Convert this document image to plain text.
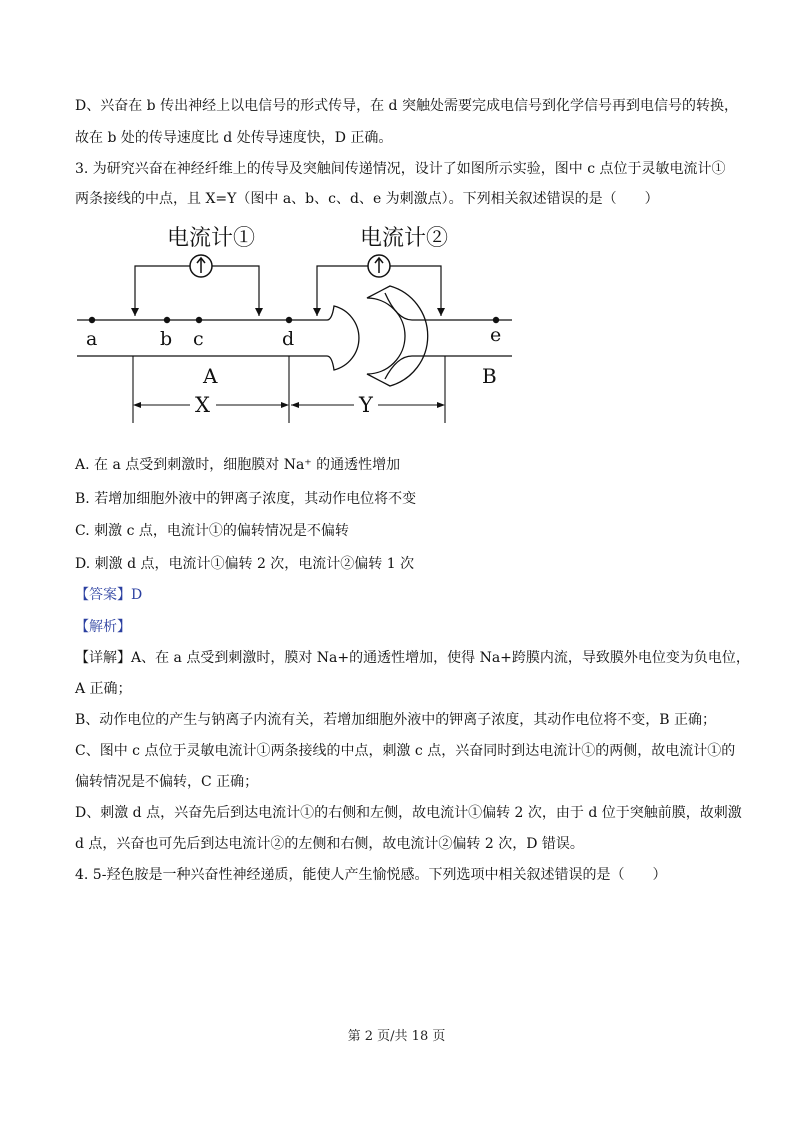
D、兴奋在 b 传出神经上以电信号的形式传导，在 d 突触处需要完成电信号到化学信号再到电信号的转换，
故在 b 处的传导速度比 d 处传导速度快，D 正确。
3. 为研究兴奋在神经纤维上的传导及突触间传递情况，设计了如图所示实验，图中 c 点位于灵敏电流计①
两条接线的中点，且 X=Y（图中 a、b、c、d、e 为刺激点）。下列相关叙述错误的是（　　）
电流计①	电流计②
a	b c	d	e
A	B
X	Y
A. 在 a 点受到刺激时，细胞膜对 Na⁺ 的通透性增加
B. 若增加细胞外液中的钾离子浓度，其动作电位将不变
C. 刺激 c 点，电流计①的偏转情况是不偏转
D. 刺激 d 点，电流计①偏转 2 次，电流计②偏转 1 次
【答案】D
【解析】
【详解】A、在 a 点受到刺激时，膜对 Na+的通透性增加，使得 Na+跨膜内流，导致膜外电位变为负电位，
A 正确；
B、动作电位的产生与钠离子内流有关，若增加细胞外液中的钾离子浓度，其动作电位将不变，B 正确；
C、图中 c 点位于灵敏电流计①两条接线的中点，刺激 c 点，兴奋同时到达电流计①的两侧，故电流计①的
偏转情况是不偏转，C 正确；
D、刺激 d 点，兴奋先后到达电流计①的右侧和左侧，故电流计①偏转 2 次，由于 d 位于突触前膜，故刺激
d 点，兴奋也可先后到达电流计②的左侧和右侧，故电流计②偏转 2 次，D 错误。
4. 5-羟色胺是一种兴奋性神经递质，能使人产生愉悦感。下列选项中相关叙述错误的是（　　）
第 2 页/共 18 页
